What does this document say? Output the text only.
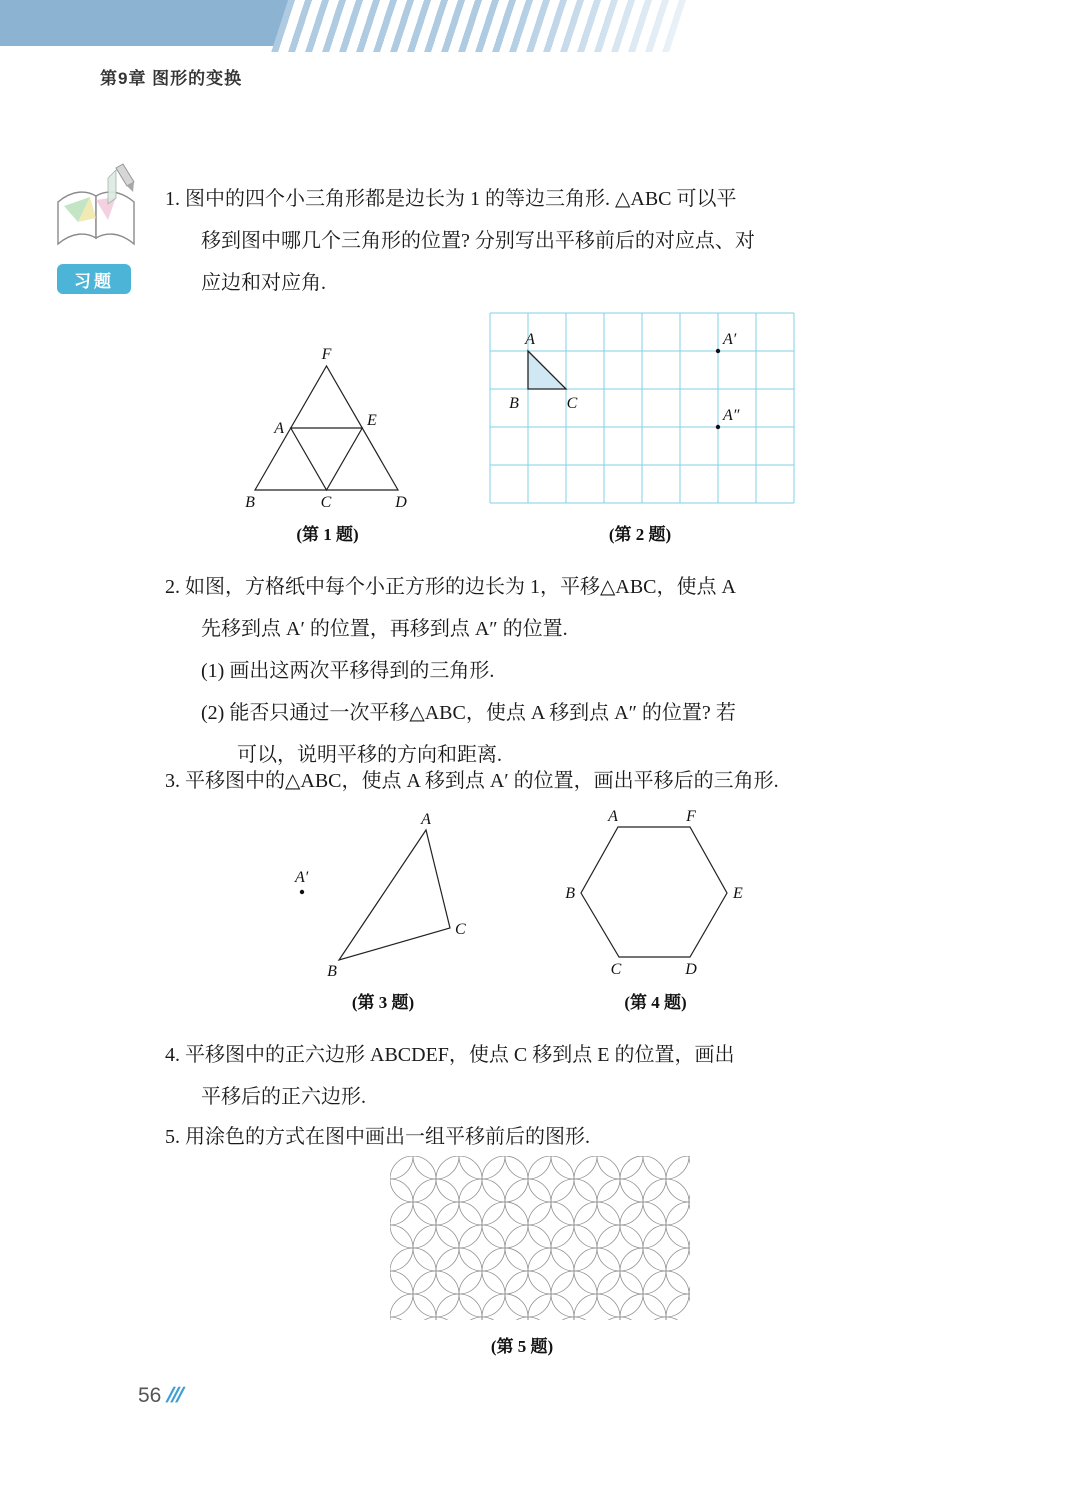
第9章 图形的变换
习题
1. 图中的四个小三角形都是边长为 1 的等边三角形. △ABC 可以平
移到图中哪几个三角形的位置? 分别写出平移前后的对应点、对
应边和对应角.
F
A	E
B	C	D
A
B	C
A′
A″
(第 1 题)	(第 2 题)
2. 如图，方格纸中每个小正方形的边长为 1，平移△ABC，使点 A
先移到点 A′ 的位置，再移到点 A″ 的位置.
(1) 画出这两次平移得到的三角形.
(2) 能否只通过一次平移△ABC，使点 A 移到点 A″ 的位置? 若
可以，说明平移的方向和距离.
3. 平移图中的△ABC，使点 A 移到点 A′ 的位置，画出平移后的三角形.
A
A′
B
C
A	F
E
B
C	D
(第 3 题)	(第 4 题)
4. 平移图中的正六边形 ABCDEF，使点 C 移到点 E 的位置，画出
平移后的正六边形.
5. 用涂色的方式在图中画出一组平移前后的图形.
(第 5 题)
56 ///
